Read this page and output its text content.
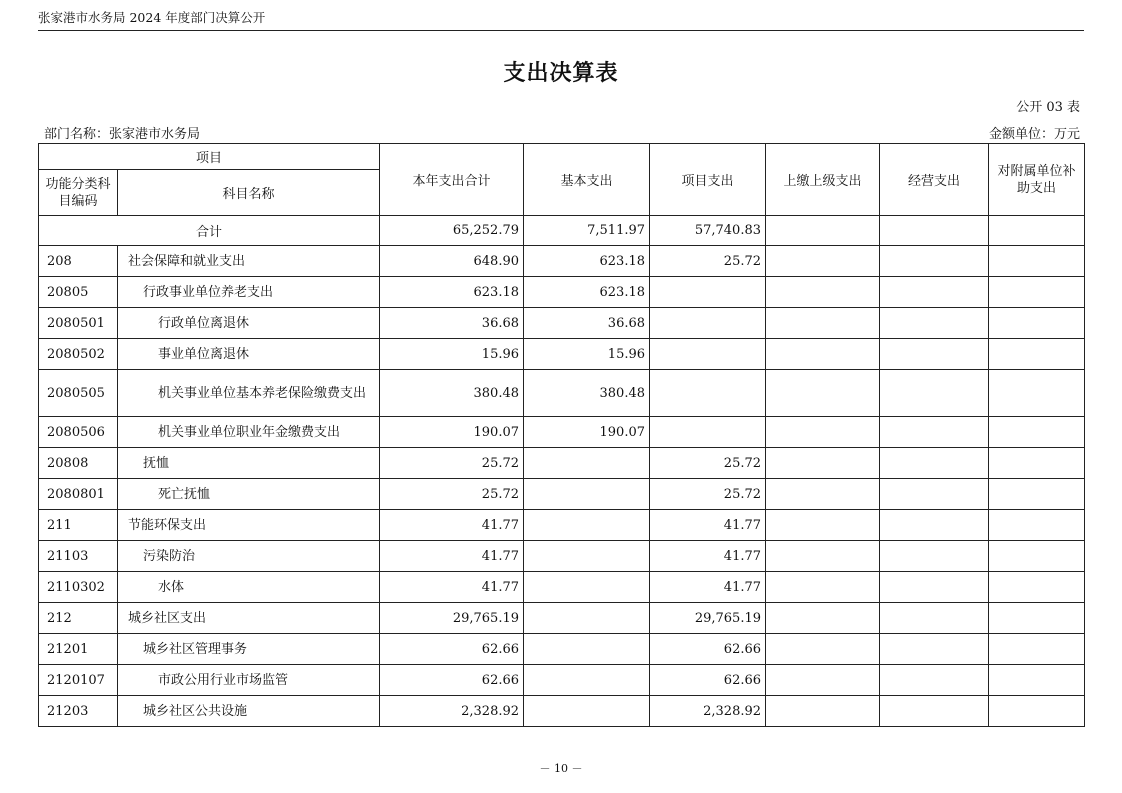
张家港市水务局 2024 年度部门决算公开
支出决算表
公开 03 表
部门名称：张家港市水务局	金额单位：万元
项目		本年支出合计	基本支出	项目支出	上缴上级支出	经营支出	对附属单位补助支出
功能分类科目编码	科目名称						
合计		65,252.79	7,511.97	57,740.83			
208	社会保障和就业支出	648.90	623.18	25.72			
20805	行政事业单位养老支出	623.18	623.18				
2080501	行政单位离退休	36.68	36.68				
2080502	事业单位离退休	15.96	15.96				
2080505	机关事业单位基本养老保险缴费支出	380.48	380.48				
2080506	机关事业单位职业年金缴费支出	190.07	190.07				
20808	抚恤	25.72		25.72			
2080801	死亡抚恤	25.72		25.72			
211	节能环保支出	41.77		41.77			
21103	污染防治	41.77		41.77			
2110302	水体	41.77		41.77			
212	城乡社区支出	29,765.19		29,765.19			
21201	城乡社区管理事务	62.66		62.66			
2120107	市政公用行业市场监管	62.66		62.66			
21203	城乡社区公共设施	2,328.92		2,328.92			
－ 10 －
